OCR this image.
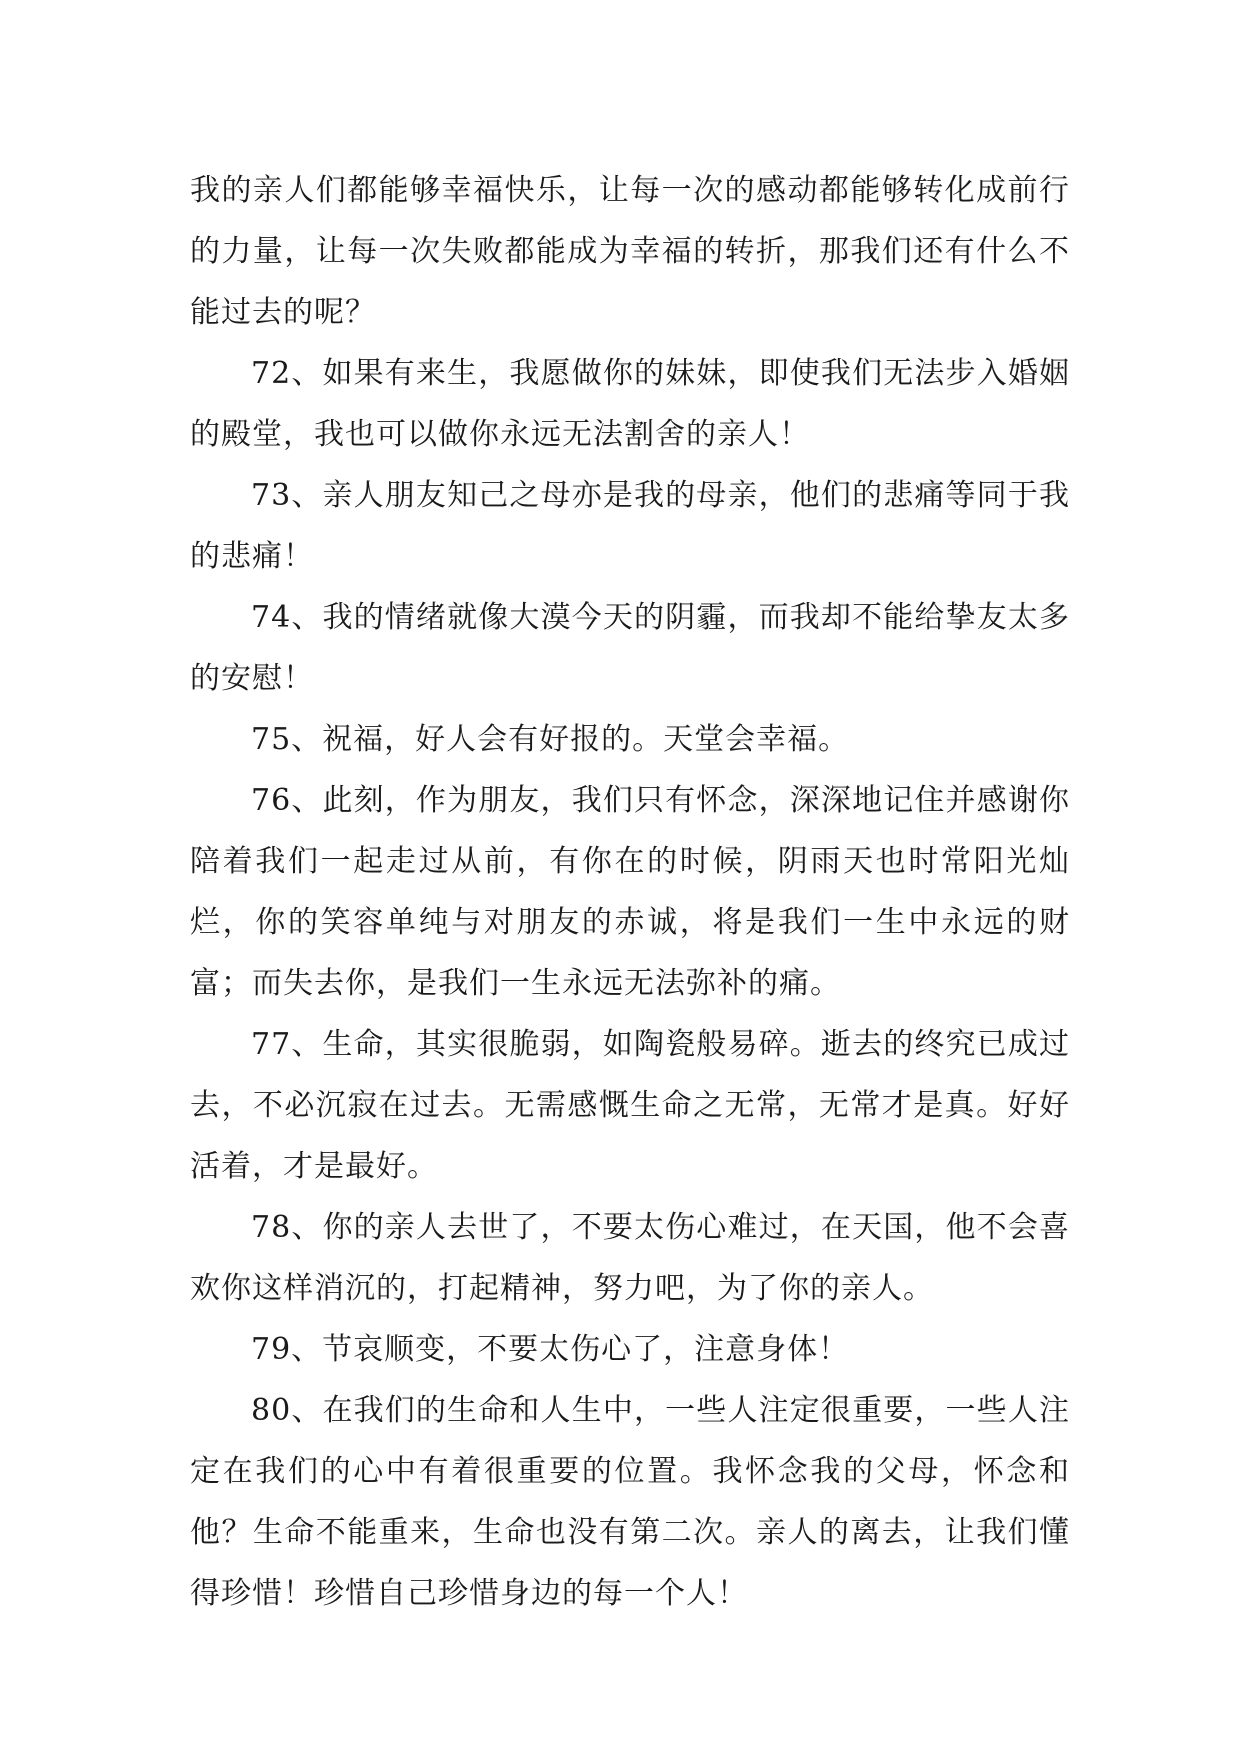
我的亲人们都能够幸福快乐，让每一次的感动都能够转化成前行的力量，让每一次失败都能成为幸福的转折，那我们还有什么不能过去的呢？

72、如果有来生，我愿做你的妹妹，即使我们无法步入婚姻的殿堂，我也可以做你永远无法割舍的亲人！

73、亲人朋友知己之母亦是我的母亲，他们的悲痛等同于我的悲痛！

74、我的情绪就像大漠今天的阴霾，而我却不能给挚友太多的安慰！

75、祝福，好人会有好报的。天堂会幸福。

76、此刻，作为朋友，我们只有怀念，深深地记住并感谢你陪着我们一起走过从前，有你在的时候，阴雨天也时常阳光灿烂，你的笑容单纯与对朋友的赤诚，将是我们一生中永远的财富；而失去你，是我们一生永远无法弥补的痛。

77、生命，其实很脆弱，如陶瓷般易碎。逝去的终究已成过去，不必沉寂在过去。无需感慨生命之无常，无常才是真。好好活着，才是最好。

78、你的亲人去世了，不要太伤心难过，在天国，他不会喜欢你这样消沉的，打起精神，努力吧，为了你的亲人。

79、节哀顺变，不要太伤心了，注意身体！

80、在我们的生命和人生中，一些人注定很重要，一些人注定在我们的心中有着很重要的位置。我怀念我的父母，怀念和他？生命不能重来，生命也没有第二次。亲人的离去，让我们懂得珍惜！珍惜自己珍惜身边的每一个人！
